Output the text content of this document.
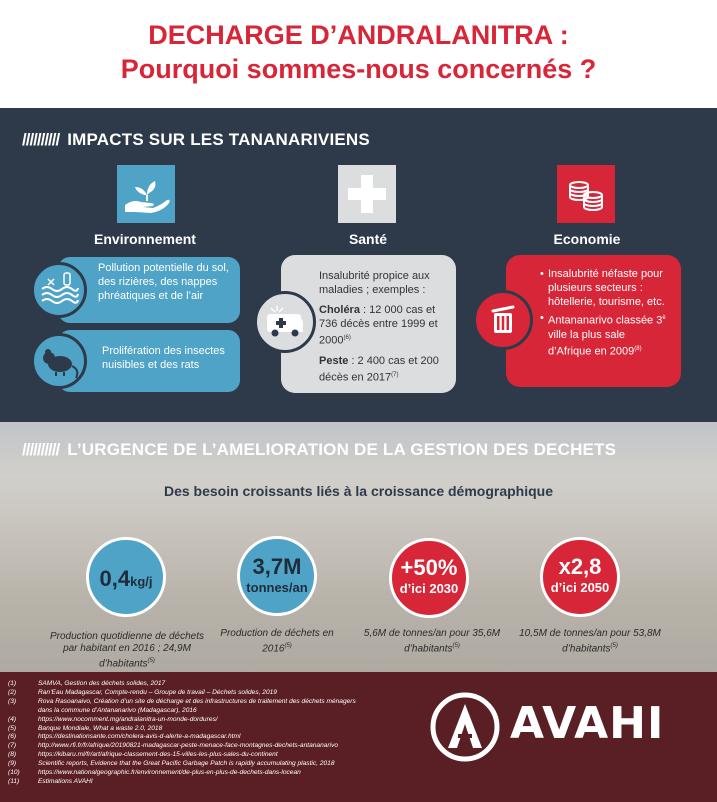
DECHARGE D’ANDRALANITRA :
Pourquoi sommes-nous concernés ?
////////// IMPACTS SUR LES TANANARIVIENS
Environnement	Santé	Economie
Pollution potentielle du sol, des rizières, des nappes phréatiques et de l’air
Prolifération des insectes nuisibles et des rats

Insalubrité propice aux maladies ; exemples :

Choléra : 12 000 cas et 736 décès entre 1999 et 2000$^{(6)}$

Peste : 2 400 cas et 200 décès en 2017$^{(7)}$

• Insalubrité néfaste pour plusieurs secteurs : hôtellerie, tourisme, etc.
• Antananarivo classée $3^è$ ville la plus sale d’Afrique en 2009$^{(8)}$
////////// L’URGENCE DE L’AMELIORATION DE LA GESTION DES DECHETS
Des besoin croissants liés à la croissance démographique
0,4kg/j
Production quotidienne de déchets par habitant en 2016 ; 24,9M d’habitants$^{(5)}$
3,7M
tonnes/an
Production de déchets en $2016^{(5)}$
+50%
d’ici 2030
5,6M de tonnes/an pour 35,6M d’habitants$^{(5)}$
x2,8
d’ici 2050
10,5M de tonnes/an pour 53,8M d’habitants$^{(5)}$
(1)	SAMVA, Gestion des déchets solides, 2017
(2)	Ran’Eau Madagascar, Compte-rendu – Groupe de travail – Déchets solides, 2019
(3)	Rova Rasoanaivo, Création d’un site de décharge et des infrastructures de traitement des déchets ménagers
dans la commune d’Antananarivo (Madagascar), 2016
(4)	https://www.nocomment.mg/andralanitra-un-monde-dordures/
(5)	Banque Mondiale, What a waste 2.0, 2018
(6)	https://destinationsante.com/cholera-avis-d-alerte-a-madagascar.html
(7)	http://www.rfi.fr/fr/afrique/20190821-madagascar-peste-menace-face-montagnes-dechets-antananarivo
(8)	https://kibaru.ml/fr/art/afrique-classement-des-15-villes-les-plus-sales-du-continent
(9)	Scientific reports, Evidence that the Great Pacific Garbage Patch is rapidly accumulating plastic, 2018
(10)	https://www.nationalgeographic.fr/environnement/de-plus-en-plus-de-dechets-dans-locean
(11)	Estimations AVAHI
AVAHI
